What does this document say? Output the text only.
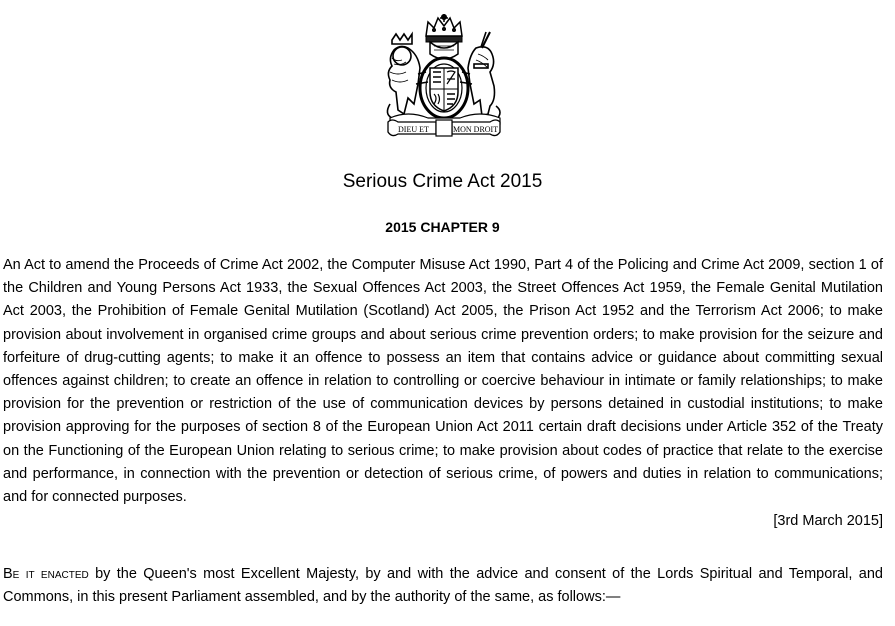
DIEU ET	MON DROIT
Serious Crime Act 2015
2015 CHAPTER 9

An Act to amend the Proceeds of Crime Act 2002, the Computer Misuse Act 1990, Part 4 of the Policing and Crime Act 2009, section 1 of the Children and Young Persons Act 1933, the Sexual Offences Act 2003, the Street Offences Act 1959, the Female Genital Mutilation Act 2003, the Prohibition of Female Genital Mutilation (Scotland) Act 2005, the Prison Act 1952 and the Terrorism Act 2006; to make provision about involvement in organised crime groups and about serious crime prevention orders; to make provision for the seizure and forfeiture of drug-cutting agents; to make it an offence to possess an item that contains advice or guidance about committing sexual offences against children; to create an offence in relation to controlling or coercive behaviour in intimate or family relationships; to make provision for the prevention or restriction of the use of communication devices by persons detained in custodial institutions; to make provision approving for the purposes of section 8 of the European Union Act 2011 certain draft decisions under Article 352 of the Treaty on the Functioning of the European Union relating to serious crime; to make provision about codes of practice that relate to the exercise and performance, in connection with the prevention or detection of serious crime, of powers and duties in relation to communications; and for connected purposes.

[3rd March 2015]

Be it enacted by the Queen's most Excellent Majesty, by and with the advice and consent of the Lords Spiritual and Temporal, and Commons, in this present Parliament assembled, and by the authority of the same, as follows:—
